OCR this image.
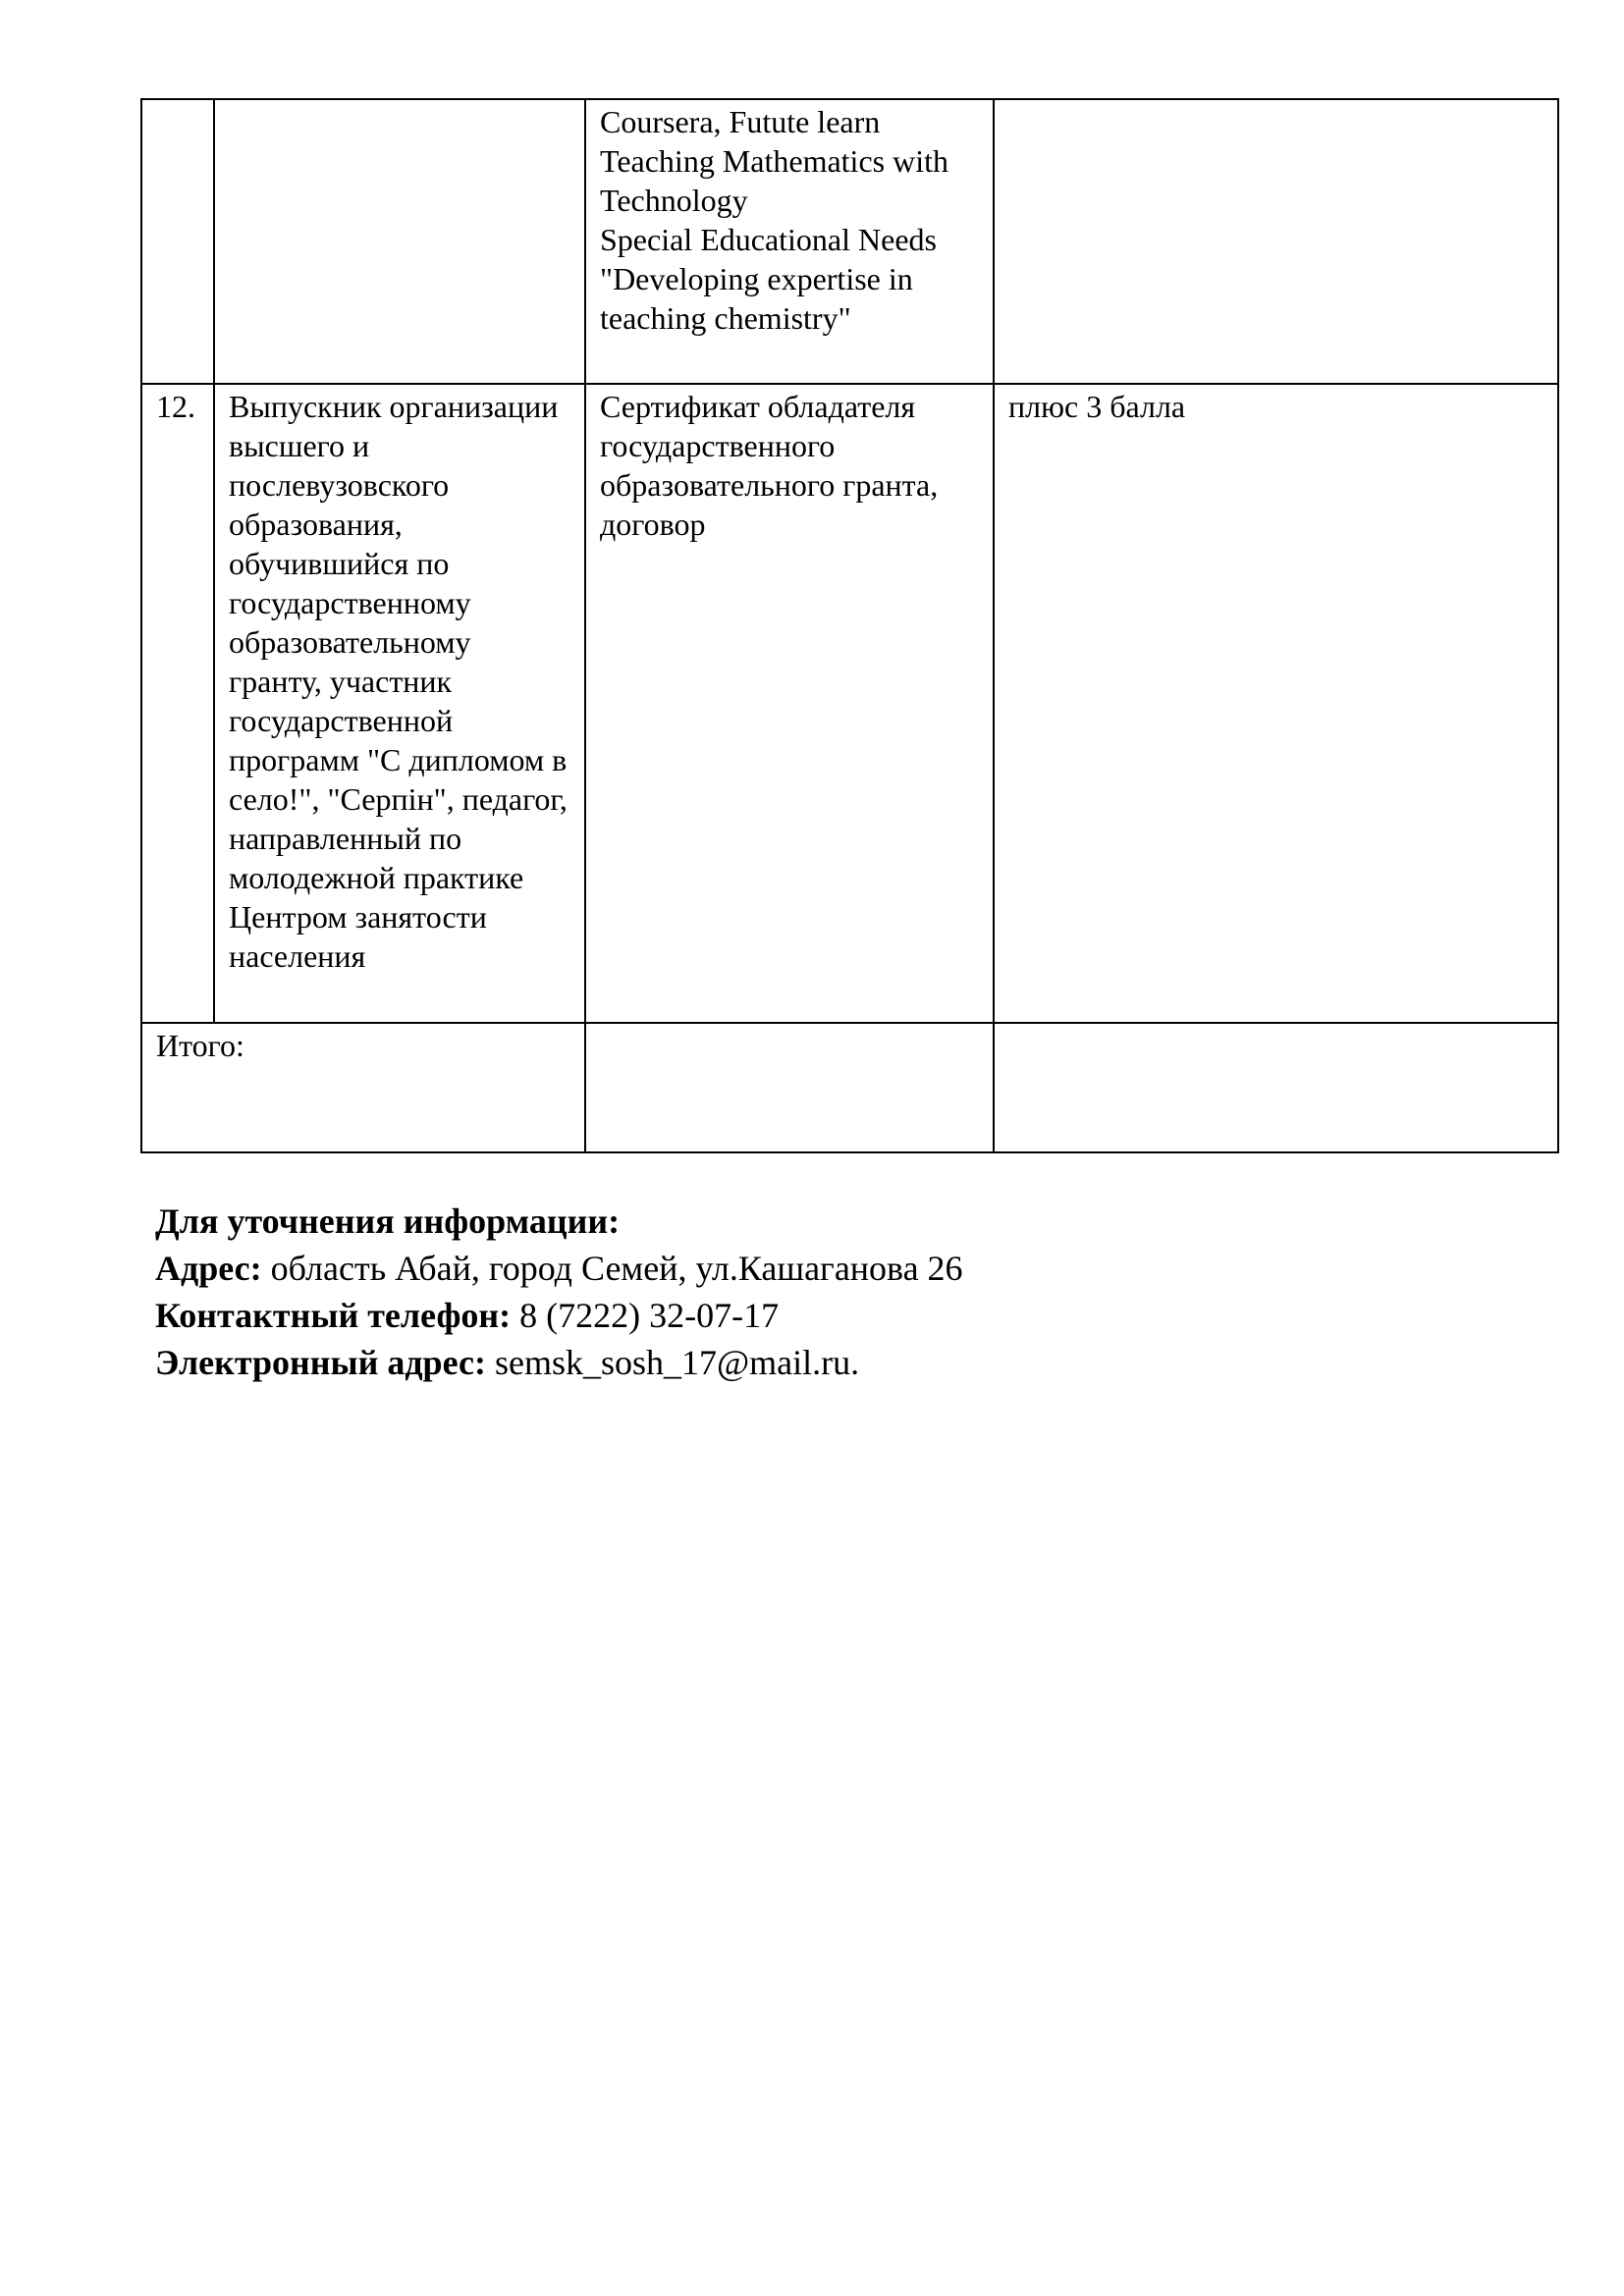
		Coursera, Futute learn
Teaching Mathematics with Technology
Special Educational Needs
"Developing expertise in teaching chemistry"	
12.	Выпускник организации высшего и послевузовского образования, обучившийся по государственному образовательному гранту, участник государственной программ "С дипломом в село!", "Серпін", педагог, направленный по молодежной практике Центром занятости населения	Сертификат обладателя государственного образовательного гранта, договор	плюс 3 балла
Итого:			
Для уточнения информации:
Адрес: область Абай, город Семей, ул.Кашаганова 26
Контактный телефон: 8 (7222) 32-07-17
Электронный адрес: semsk_sosh_17@mail.ru.
